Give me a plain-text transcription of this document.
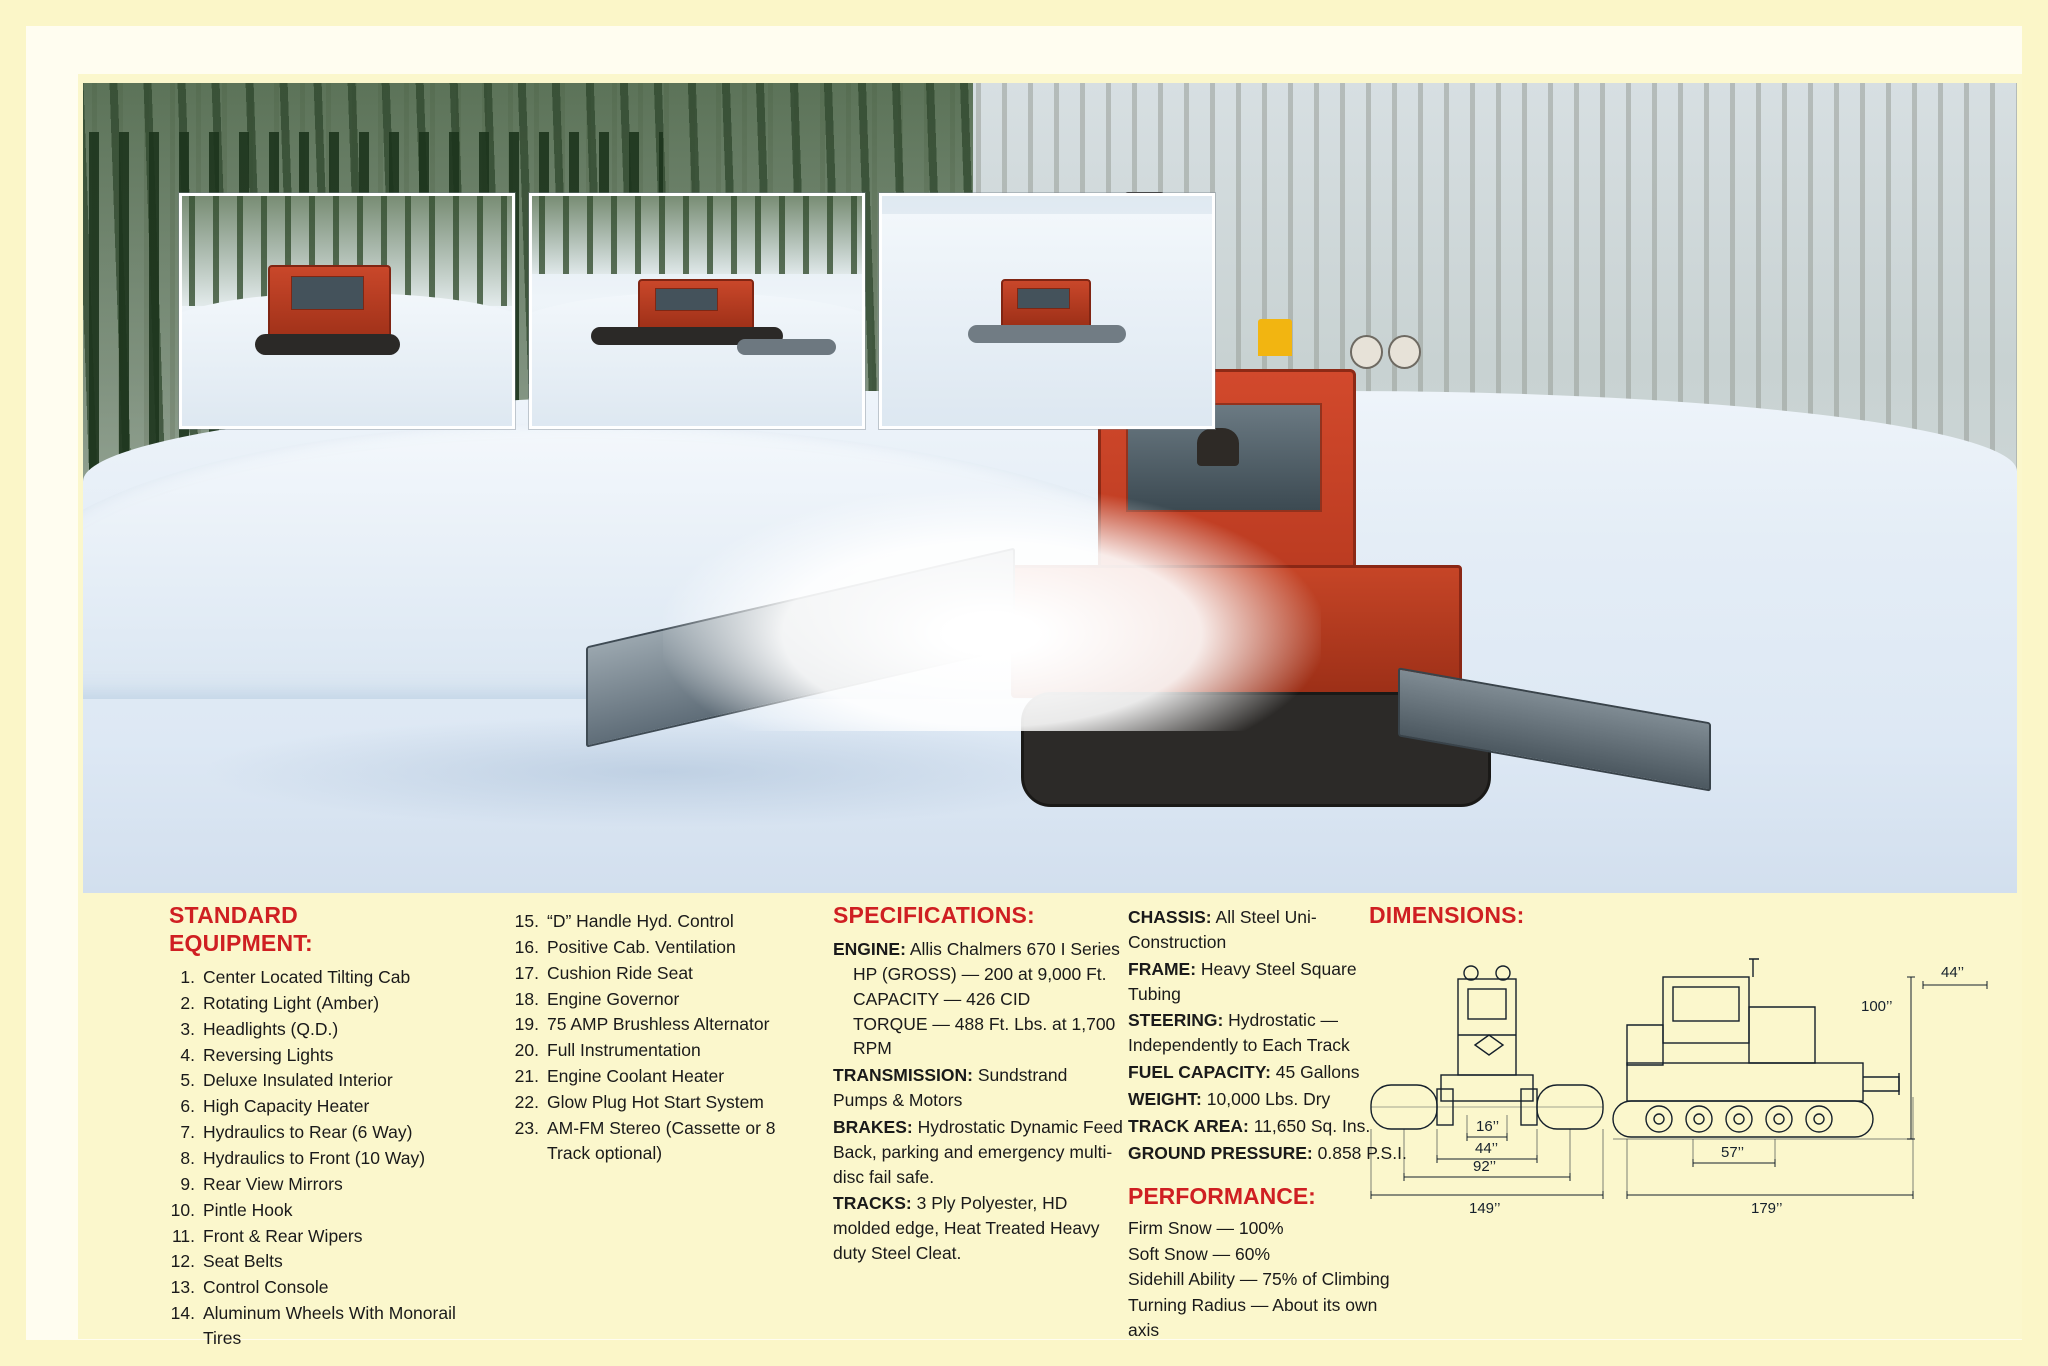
STANDARD
EQUIPMENT:
1. Center Located Tilting Cab
2. Rotating Light (Amber)
3. Headlights (Q.D.)
4. Reversing Lights
5. Deluxe Insulated Interior
6. High Capacity Heater
7. Hydraulics to Rear (6 Way)
8. Hydraulics to Front (10 Way)
9. Rear View Mirrors
10. Pintle Hook
11. Front & Rear Wipers
12. Seat Belts
13. Control Console
14. Aluminum Wheels With Monorail Tires
15. “D” Handle Hyd. Control
16. Positive Cab. Ventilation
17. Cushion Ride Seat
18. Engine Governor
19. 75 AMP Brushless Alternator
20. Full Instrumentation
21. Engine Coolant Heater
22. Glow Plug Hot Start System
23. AM-FM Stereo (Cassette or 8 Track optional)
SPECIFICATIONS:
ENGINE: Allis Chalmers 670 I Series
HP (GROSS) — 200 at 9,000 Ft.
CAPACITY — 426 CID
TORQUE — 488 Ft. Lbs. at 1,700 RPM
TRANSMISSION: Sundstrand Pumps & Motors
BRAKES: Hydrostatic Dynamic Feed Back, parking and emergency multi-disc fail safe.
TRACKS: 3 Ply Polyester, HD molded edge, Heat Treated Heavy duty Steel Cleat.
CHASSIS: All Steel Uni-Construction
FRAME: Heavy Steel Square Tubing
STEERING: Hydrostatic — Independently to Each Track
FUEL CAPACITY: 45 Gallons
WEIGHT: 10,000 Lbs. Dry
TRACK AREA: 11,650 Sq. Ins.
GROUND PRESSURE: 0.858 P.S.I.
PERFORMANCE:
Firm Snow — 100%
Soft Snow — 60%
Sidehill Ability — 75% of Climbing
Turning Radius — About its own axis
DIMENSIONS:
16’’
44’’
92’’
149’’
44’’
100’’
57’’
179’’
